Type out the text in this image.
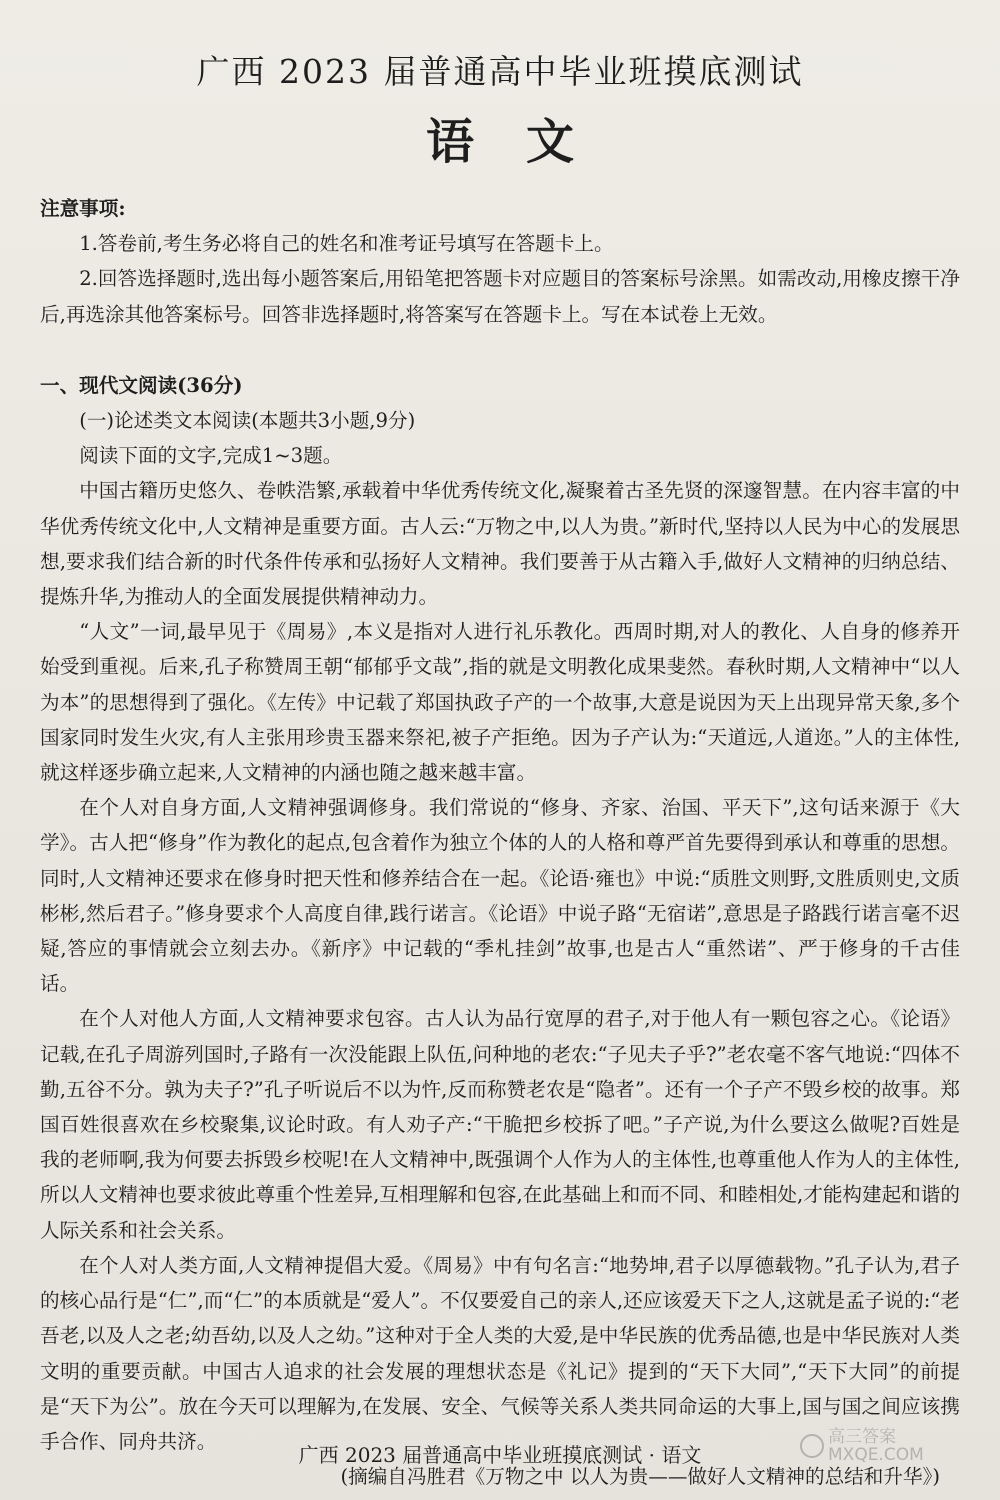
广西 2023 届普通高中毕业班摸底测试
语 文

注意事项:

1.答卷前,考生务必将自己的姓名和准考证号填写在答题卡上。

2.回答选择题时,选出每小题答案后,用铅笔把答题卡对应题目的答案标号涂黑。如需改动,用橡皮擦干净后,再选涂其他答案标号。回答非选择题时,将答案写在答题卡上。写在本试卷上无效。

一、现代文阅读(36分)

(一)论述类文本阅读(本题共3小题,9分)

阅读下面的文字,完成1~3题。

中国古籍历史悠久、卷帙浩繁,承载着中华优秀传统文化,凝聚着古圣先贤的深邃智慧。在内容丰富的中华优秀传统文化中,人文精神是重要方面。古人云:“万物之中,以人为贵。”新时代,坚持以人民为中心的发展思想,要求我们结合新的时代条件传承和弘扬好人文精神。我们要善于从古籍入手,做好人文精神的归纳总结、提炼升华,为推动人的全面发展提供精神动力。

“人文”一词,最早见于《周易》,本义是指对人进行礼乐教化。西周时期,对人的教化、人自身的修养开始受到重视。后来,孔子称赞周王朝“郁郁乎文哉”,指的就是文明教化成果斐然。春秋时期,人文精神中“以人为本”的思想得到了强化。《左传》中记载了郑国执政子产的一个故事,大意是说因为天上出现异常天象,多个国家同时发生火灾,有人主张用珍贵玉器来祭祀,被子产拒绝。因为子产认为:“天道远,人道迩。”人的主体性,就这样逐步确立起来,人文精神的内涵也随之越来越丰富。

在个人对自身方面,人文精神强调修身。我们常说的“修身、齐家、治国、平天下”,这句话来源于《大学》。古人把“修身”作为教化的起点,包含着作为独立个体的人的人格和尊严首先要得到承认和尊重的思想。同时,人文精神还要求在修身时把天性和修养结合在一起。《论语·雍也》中说:“质胜文则野,文胜质则史,文质彬彬,然后君子。”修身要求个人高度自律,践行诺言。《论语》中说子路“无宿诺”,意思是子路践行诺言毫不迟疑,答应的事情就会立刻去办。《新序》中记载的“季札挂剑”故事,也是古人“重然诺”、严于修身的千古佳话。

在个人对他人方面,人文精神要求包容。古人认为品行宽厚的君子,对于他人有一颗包容之心。《论语》记载,在孔子周游列国时,子路有一次没能跟上队伍,问种地的老农:“子见夫子乎?”老农毫不客气地说:“四体不勤,五谷不分。孰为夫子?”孔子听说后不以为忤,反而称赞老农是“隐者”。还有一个子产不毁乡校的故事。郑国百姓很喜欢在乡校聚集,议论时政。有人劝子产:“干脆把乡校拆了吧。”子产说,为什么要这么做呢?百姓是我的老师啊,我为何要去拆毁乡校呢!在人文精神中,既强调个人作为人的主体性,也尊重他人作为人的主体性,所以人文精神也要求彼此尊重个性差异,互相理解和包容,在此基础上和而不同、和睦相处,才能构建起和谐的人际关系和社会关系。

在个人对人类方面,人文精神提倡大爱。《周易》中有句名言:“地势坤,君子以厚德载物。”孔子认为,君子的核心品行是“仁”,而“仁”的本质就是“爱人”。不仅要爱自己的亲人,还应该爱天下之人,这就是孟子说的:“老吾老,以及人之老;幼吾幼,以及人之幼。”这种对于全人类的大爱,是中华民族的优秀品德,也是中华民族对人类文明的重要贡献。中国古人追求的社会发展的理想状态是《礼记》提到的“天下大同”,“天下大同”的前提是“天下为公”。放在今天可以理解为,在发展、安全、气候等关系人类共同命运的大事上,国与国之间应该携手合作、同舟共济。

(摘编自冯胜君《万物之中 以人为贵——做好人文精神的总结和升华》)

广西 2023 届普通高中毕业班摸底测试 · 语文
高三答案
MXQE.COM
